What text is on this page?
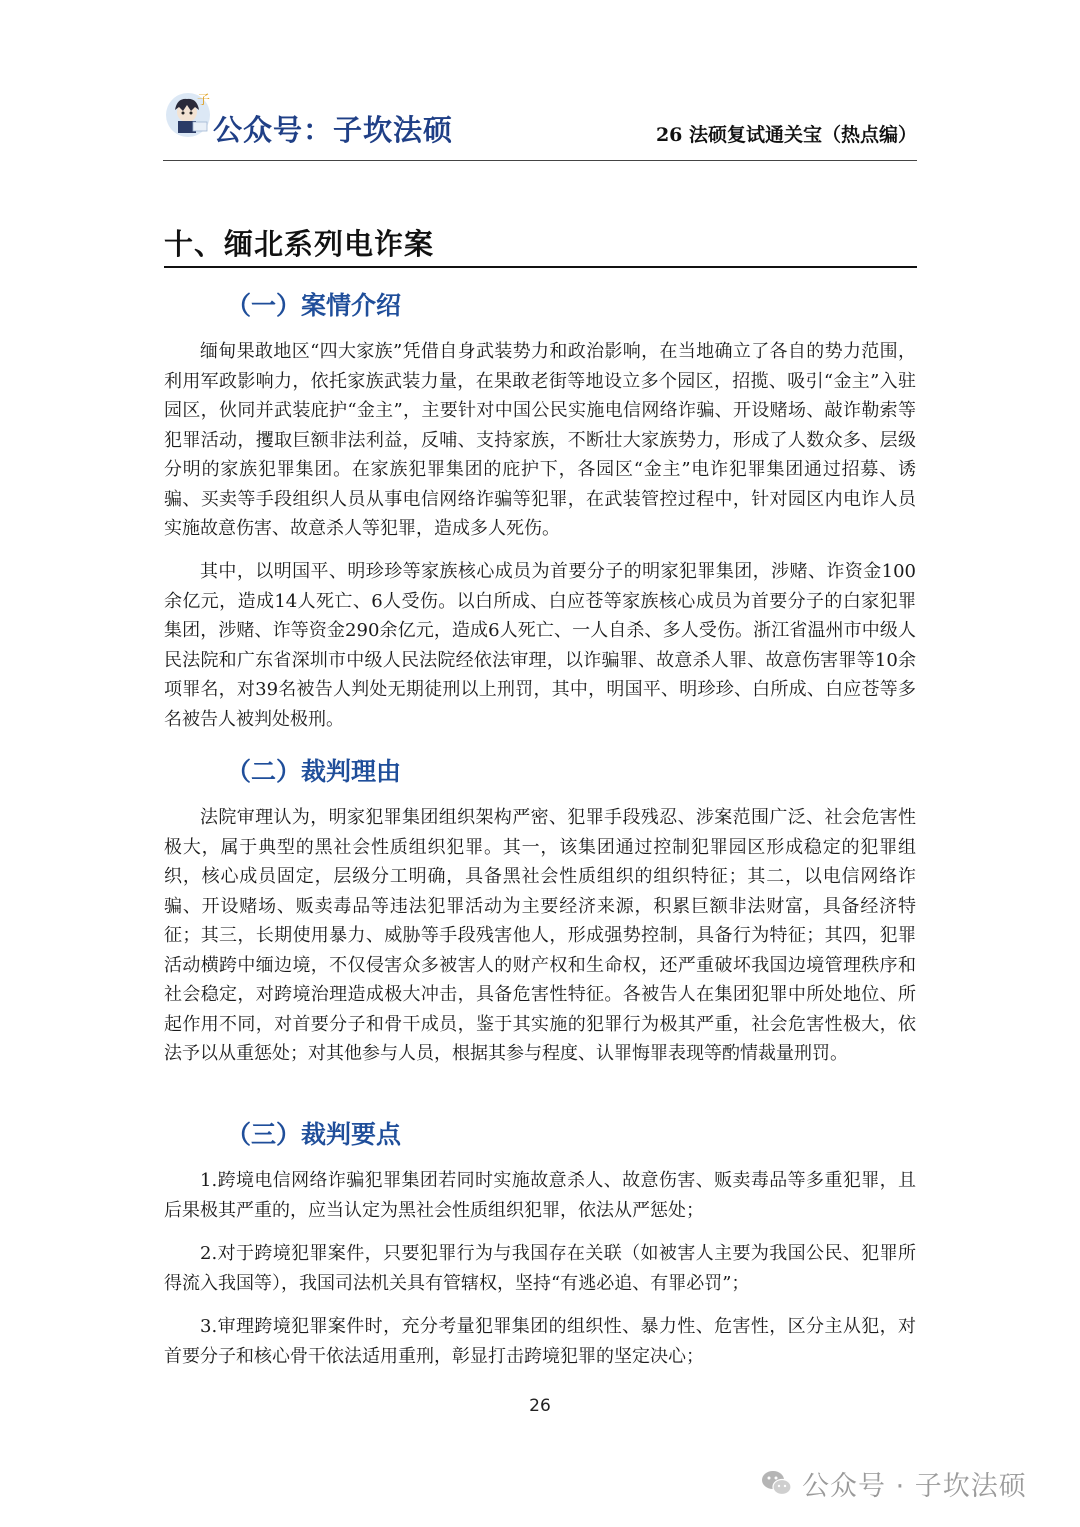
子
公众号：子坎法硕	26 法硕复试通关宝（热点编）
十、缅北系列电诈案
（一）案情介绍

缅甸果敢地区“四大家族”凭借自身武装势力和政治影响，在当地确立了各自的势力范围，利用军政影响力，依托家族武装力量，在果敢老街等地设立多个园区，招揽、吸引“金主”入驻园区，伙同并武装庇护“金主”，主要针对中国公民实施电信网络诈骗、开设赌场、敲诈勒索等犯罪活动，攫取巨额非法利益，反哺、支持家族，不断壮大家族势力，形成了人数众多、层级分明的家族犯罪集团。在家族犯罪集团的庇护下，各园区“金主”电诈犯罪集团通过招募、诱骗、买卖等手段组织人员从事电信网络诈骗等犯罪，在武装管控过程中，针对园区内电诈人员实施故意伤害、故意杀人等犯罪，造成多人死伤。

其中，以明国平、明珍珍等家族核心成员为首要分子的明家犯罪集团，涉赌、诈资金100余亿元，造成14人死亡、6人受伤。以白所成、白应苍等家族核心成员为首要分子的白家犯罪集团，涉赌、诈等资金290余亿元，造成6人死亡、一人自杀、多人受伤。浙江省温州市中级人民法院和广东省深圳市中级人民法院经依法审理，以诈骗罪、故意杀人罪、故意伤害罪等10余项罪名，对39名被告人判处无期徒刑以上刑罚，其中，明国平、明珍珍、白所成、白应苍等多名被告人被判处极刑。

（二）裁判理由

法院审理认为，明家犯罪集团组织架构严密、犯罪手段残忍、涉案范围广泛、社会危害性极大，属于典型的黑社会性质组织犯罪。其一，该集团通过控制犯罪园区形成稳定的犯罪组织，核心成员固定，层级分工明确，具备黑社会性质组织的组织特征；其二，以电信网络诈骗、开设赌场、贩卖毒品等违法犯罪活动为主要经济来源，积累巨额非法财富，具备经济特征；其三，长期使用暴力、威胁等手段残害他人，形成强势控制，具备行为特征；其四，犯罪活动横跨中缅边境，不仅侵害众多被害人的财产权和生命权，还严重破坏我国边境管理秩序和社会稳定，对跨境治理造成极大冲击，具备危害性特征。各被告人在集团犯罪中所处地位、所起作用不同，对首要分子和骨干成员，鉴于其实施的犯罪行为极其严重，社会危害性极大，依法予以从重惩处；对其他参与人员，根据其参与程度、认罪悔罪表现等酌情裁量刑罚。

（三）裁判要点

1.跨境电信网络诈骗犯罪集团若同时实施故意杀人、故意伤害、贩卖毒品等多重犯罪，且后果极其严重的，应当认定为黑社会性质组织犯罪，依法从严惩处；

2.对于跨境犯罪案件，只要犯罪行为与我国存在关联（如被害人主要为我国公民、犯罪所得流入我国等），我国司法机关具有管辖权，坚持“有逃必追、有罪必罚”；

3.审理跨境犯罪案件时，充分考量犯罪集团的组织性、暴力性、危害性，区分主从犯，对首要分子和核心骨干依法适用重刑，彰显打击跨境犯罪的坚定决心；

26
公众号 · 子坎法硕
